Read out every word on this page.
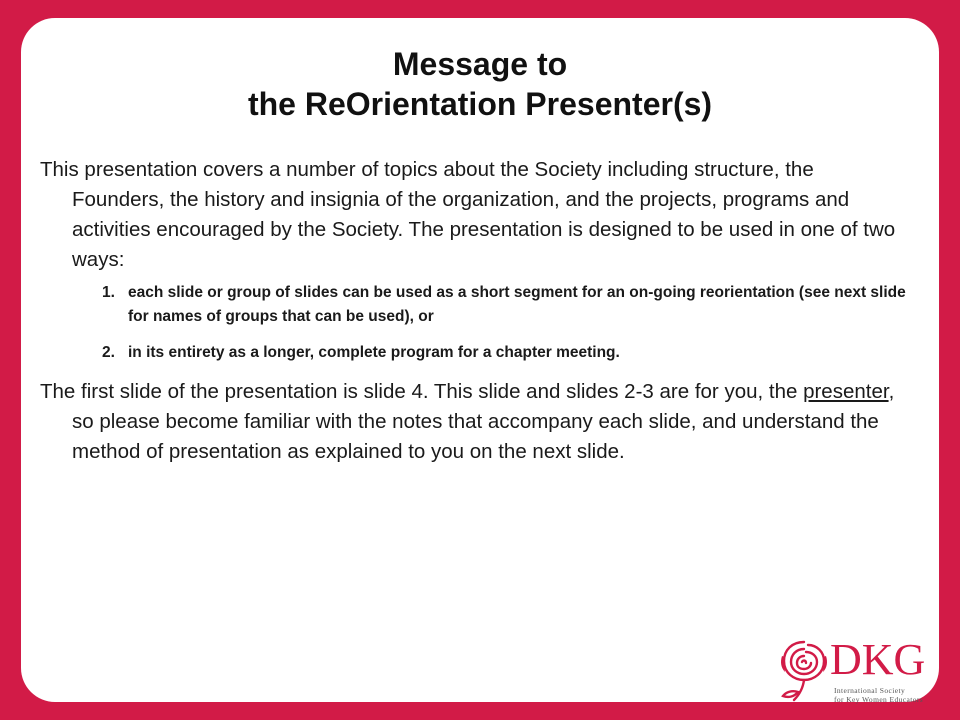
Message to
the ReOrientation Presenter(s)

This presentation covers a number of topics about the Society including structure, the Founders, the history and insignia of the organization, and the projects, programs and activities encouraged by the Society. The presentation is designed to be used in one of two ways:

1. each slide or group of slides can be used as a short segment for an on-going reorientation (see next slide for names of groups that can be used), or
2. in its entirety as a longer, complete program for a chapter meeting.

The first slide of the presentation is slide 4. This slide and slides 2-3 are for you, the presenter, so please become familiar with the notes that accompany each slide, and understand the method of presentation as explained to you on the next slide.

DKG
International Society
for Key Women Educators
